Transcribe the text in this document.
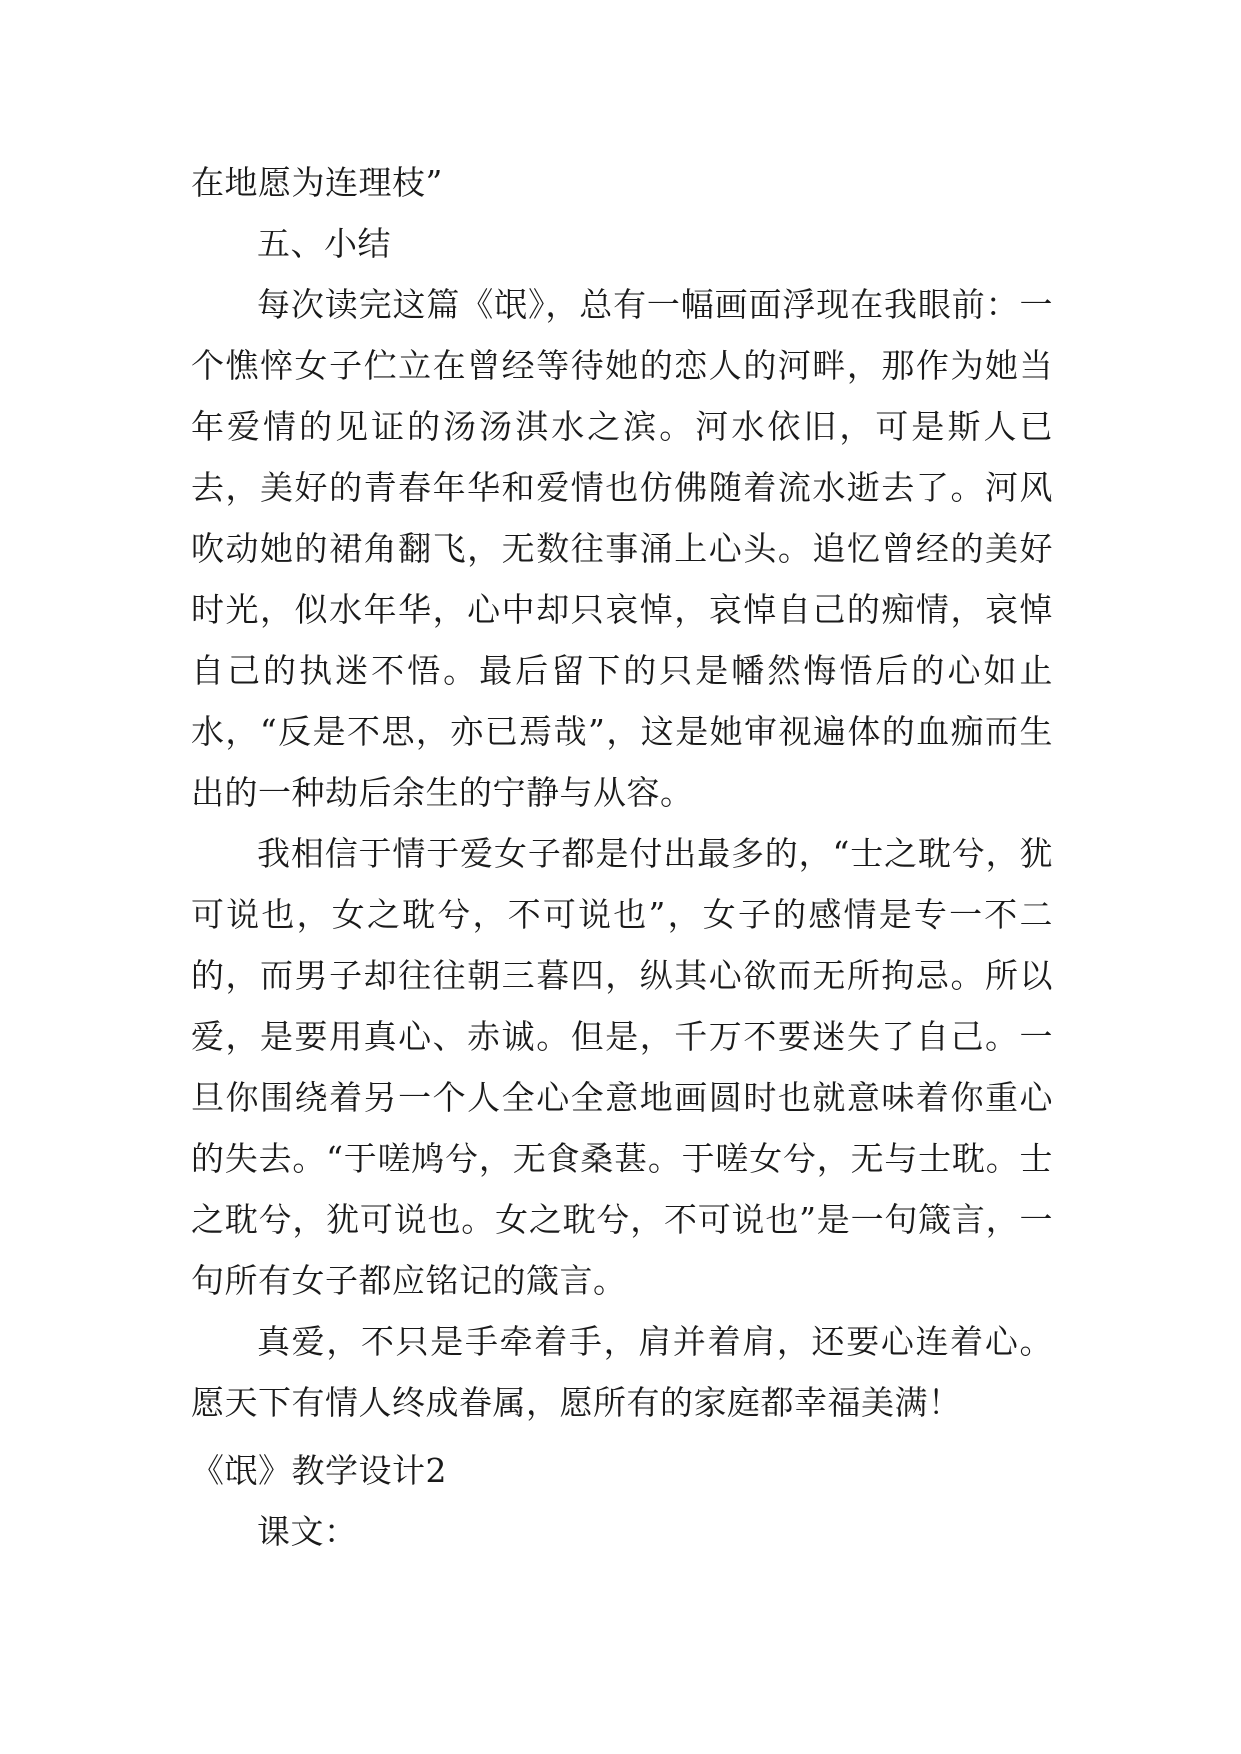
在地愿为连理枝”

五、小结

每次读完这篇《氓》，总有一幅画面浮现在我眼前：一个憔悴女子伫立在曾经等待她的恋人的河畔，那作为她当年爱情的见证的汤汤淇水之滨。河水依旧，可是斯人已去，美好的青春年华和爱情也仿佛随着流水逝去了。河风吹动她的裙角翻飞，无数往事涌上心头。追忆曾经的美好时光，似水年华，心中却只哀悼，哀悼自己的痴情，哀悼自己的执迷不悟。最后留下的只是幡然悔悟后的心如止水，“反是不思，亦已焉哉”，这是她审视遍体的血痂而生出的一种劫后余生的宁静与从容。

我相信于情于爱女子都是付出最多的，“士之耽兮，犹可说也，女之耽兮，不可说也”，女子的感情是专一不二的，而男子却往往朝三暮四，纵其心欲而无所拘忌。所以爱，是要用真心、赤诚。但是，千万不要迷失了自己。一旦你围绕着另一个人全心全意地画圆时也就意味着你重心的失去。“于嗟鸠兮，无食桑葚。于嗟女兮，无与士耽。士之耽兮，犹可说也。女之耽兮，不可说也”是一句箴言，一句所有女子都应铭记的箴言。

真爱，不只是手牵着手，肩并着肩，还要心连着心。愿天下有情人终成眷属，愿所有的家庭都幸福美满！

《氓》教学设计2

课文：
